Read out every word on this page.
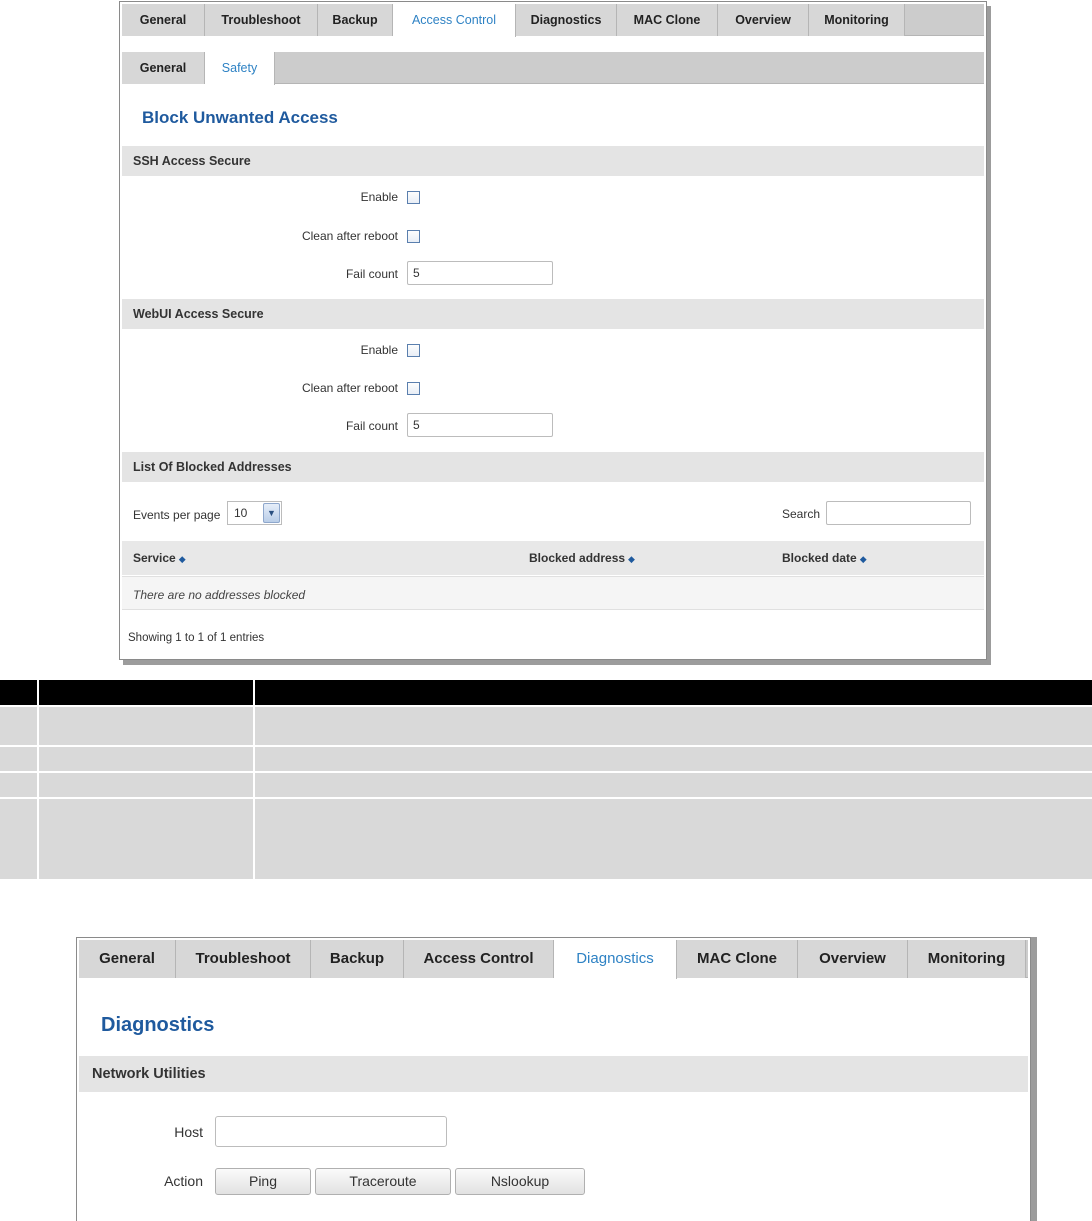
General	Troubleshoot	Backup	Access Control	Diagnostics	MAC Clone	Overview	Monitoring
General	Safety
Block Unwanted Access
SSH Access Secure
Enable
Clean after reboot
Fail count	5
WebUI Access Secure
Enable
Clean after reboot
Fail count	5
List Of Blocked Addresses
Events per page	10	▼	Search
Service ◆	Blocked address ◆	Blocked date ◆
There are no addresses blocked
Showing 1 to 1 of 1 entries
General	Troubleshoot	Backup	Access Control	Diagnostics	MAC Clone	Overview	Monitoring
Diagnostics
Network Utilities
Host
Action	Ping	Traceroute	Nslookup
